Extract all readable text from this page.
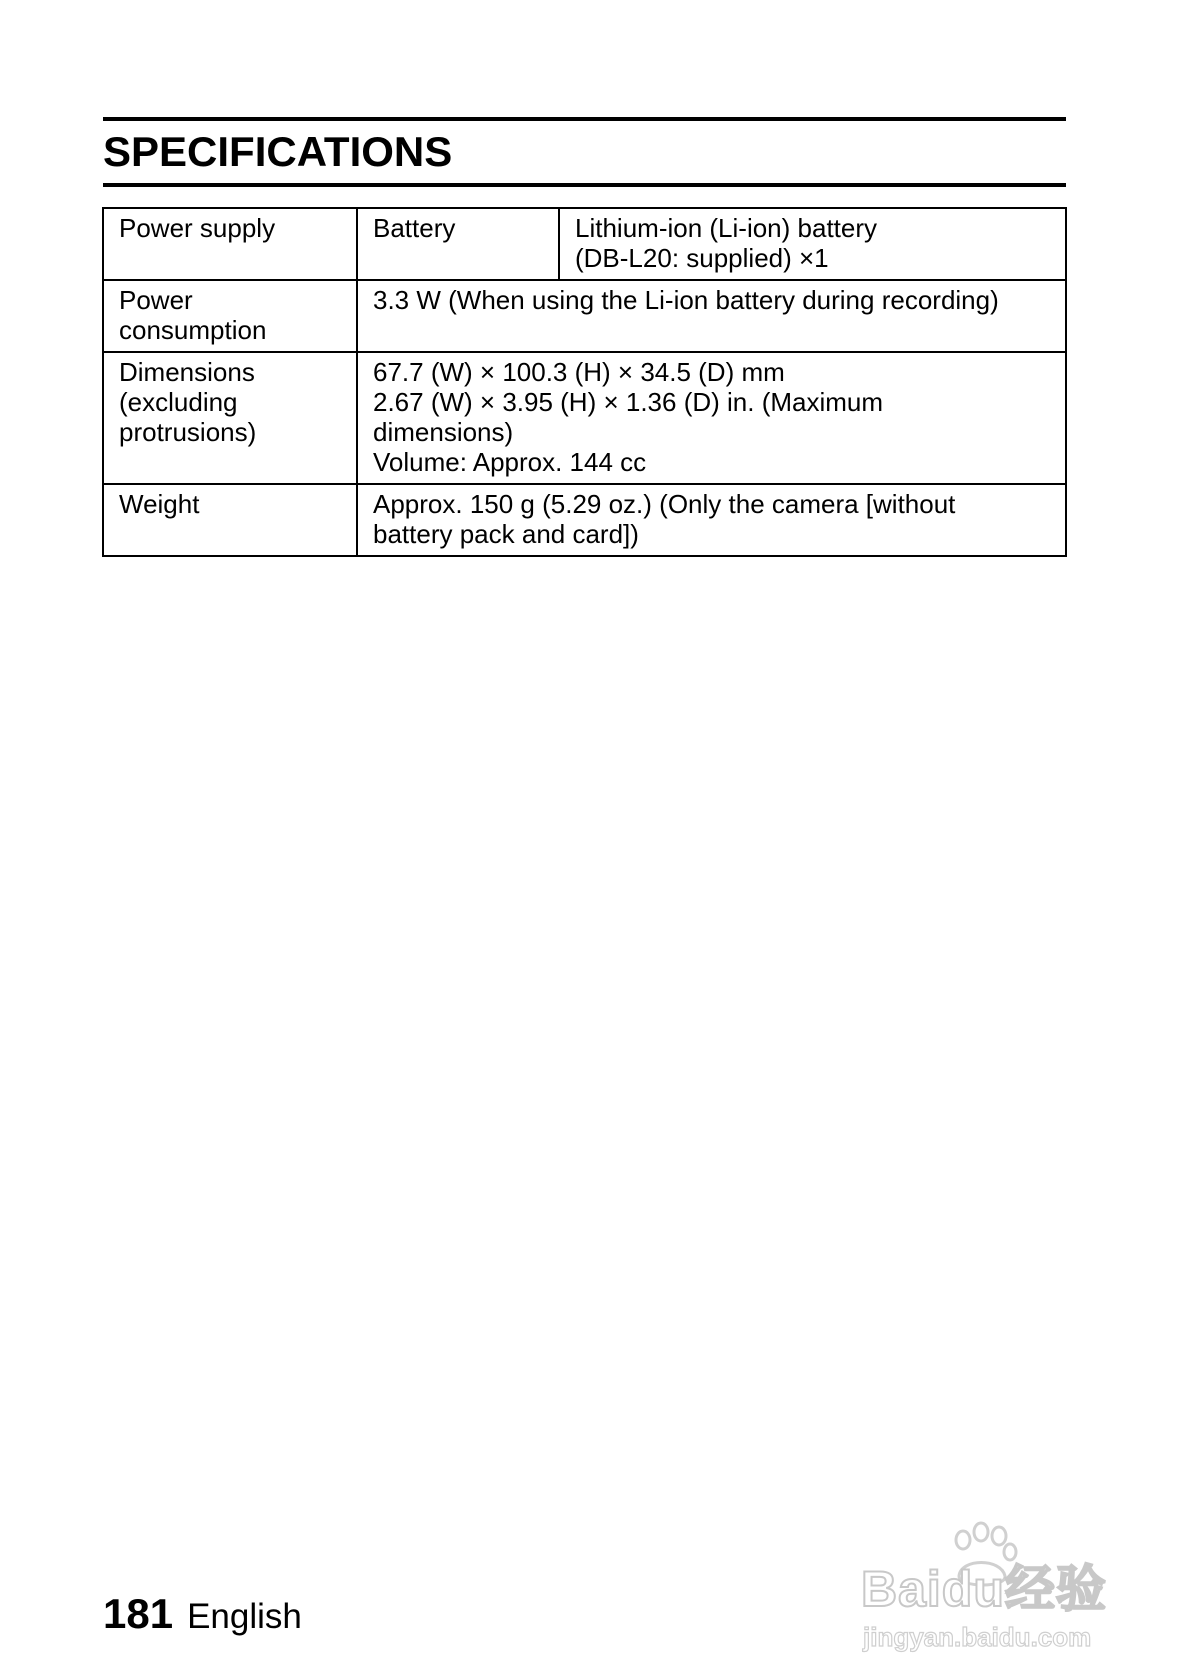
SPECIFICATIONS
Power supply	Battery	Lithium-ion (Li-ion) battery
(DB-L20: supplied) ×1

Power
consumption	3.3 W (When using the Li-ion battery during recording)	

Dimensions
(excluding
protrusions)	67.7 (W) × 100.3 (H) × 34.5 (D) mm
2.67 (W) × 3.95 (H) × 1.36 (D) in. (Maximum
dimensions)
Volume: Approx. 144 cc	

Weight	Approx. 150 g (5.29 oz.) (Only the camera [without
battery pack and card])	
181 English	Baidu经验
jingyan.baidu.com
